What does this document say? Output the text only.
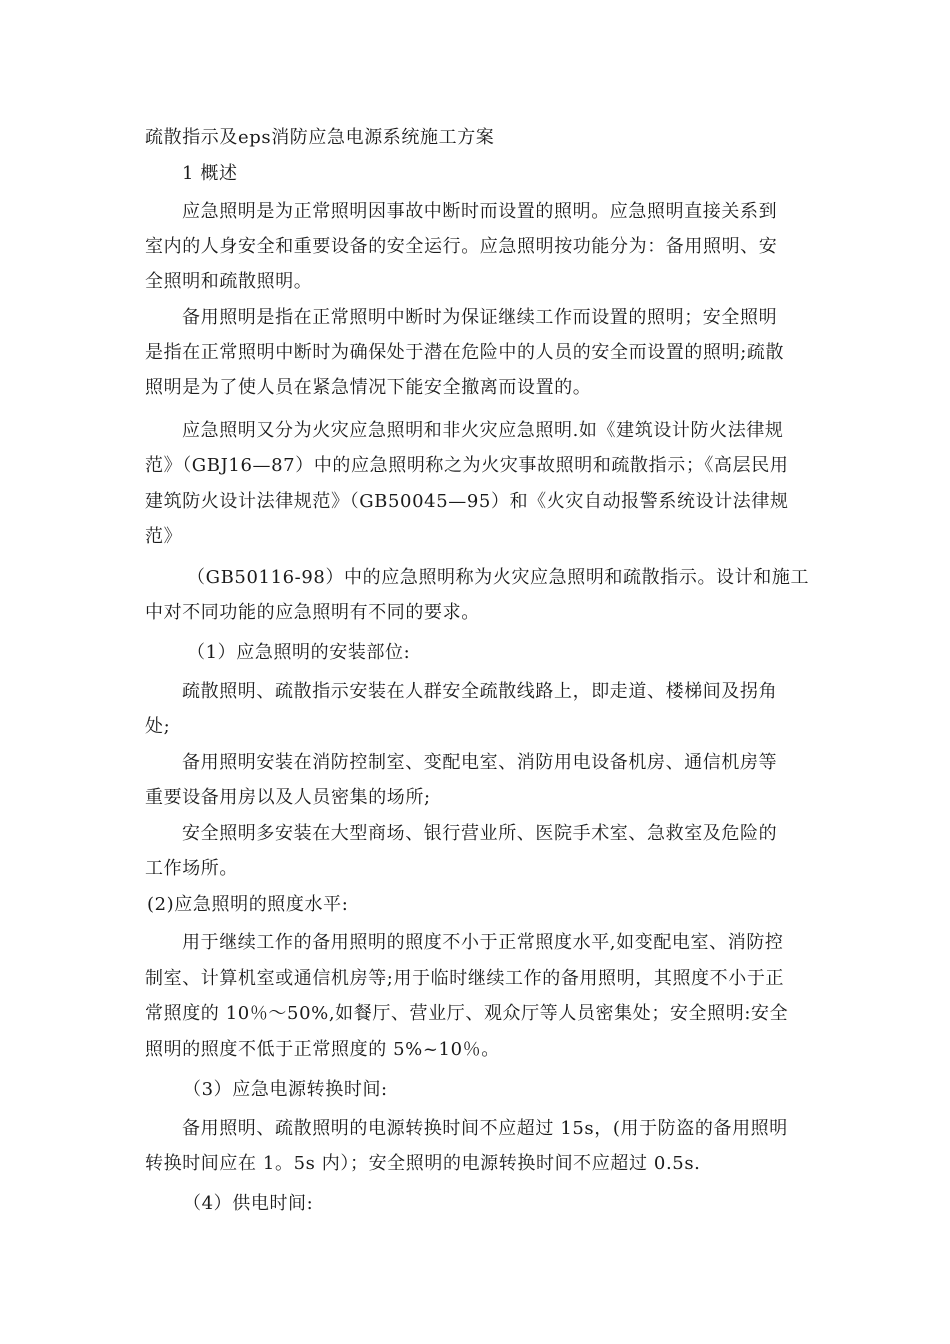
疏散指示及eps消防应急电源系统施工方案
1 概述
应急照明是为正常照明因事故中断时而设置的照明。应急照明直接关系到
室内的人身安全和重要设备的安全运行。应急照明按功能分为：备用照明、安
全照明和疏散照明。
备用照明是指在正常照明中断时为保证继续工作而设置的照明；安全照明
是指在正常照明中断时为确保处于潜在危险中的人员的安全而设置的照明;疏散
照明是为了使人员在紧急情况下能安全撤离而设置的。
应急照明又分为火灾应急照明和非火灾应急照明.如《建筑设计防火法律规
范》（GBJ16—87）中的应急照明称之为火灾事故照明和疏散指示；《高层民用
建筑防火设计法律规范》（GB50045—95）和《火灾自动报警系统设计法律规
范》
（GB50116-98）中的应急照明称为火灾应急照明和疏散指示。设计和施工
中对不同功能的应急照明有不同的要求。
（1）应急照明的安装部位:
疏散照明、疏散指示安装在人群安全疏散线路上，即走道、楼梯间及拐角
处;
备用照明安装在消防控制室、变配电室、消防用电设备机房、通信机房等
重要设备用房以及人员密集的场所;
安全照明多安装在大型商场、银行营业所、医院手术室、急救室及危险的
工作场所。
(2)应急照明的照度水平:
用于继续工作的备用照明的照度不小于正常照度水平,如变配电室、消防控
制室、计算机室或通信机房等;用于临时继续工作的备用照明，其照度不小于正
常照度的 10％～50%,如餐厅、营业厅、观众厅等人员密集处；安全照明:安全
照明的照度不低于正常照度的 5%~10％。
（3）应急电源转换时间:
备用照明、疏散照明的电源转换时间不应超过 15s，(用于防盗的备用照明
转换时间应在 1。5s 内）；安全照明的电源转换时间不应超过 0.5s.
（4）供电时间:
